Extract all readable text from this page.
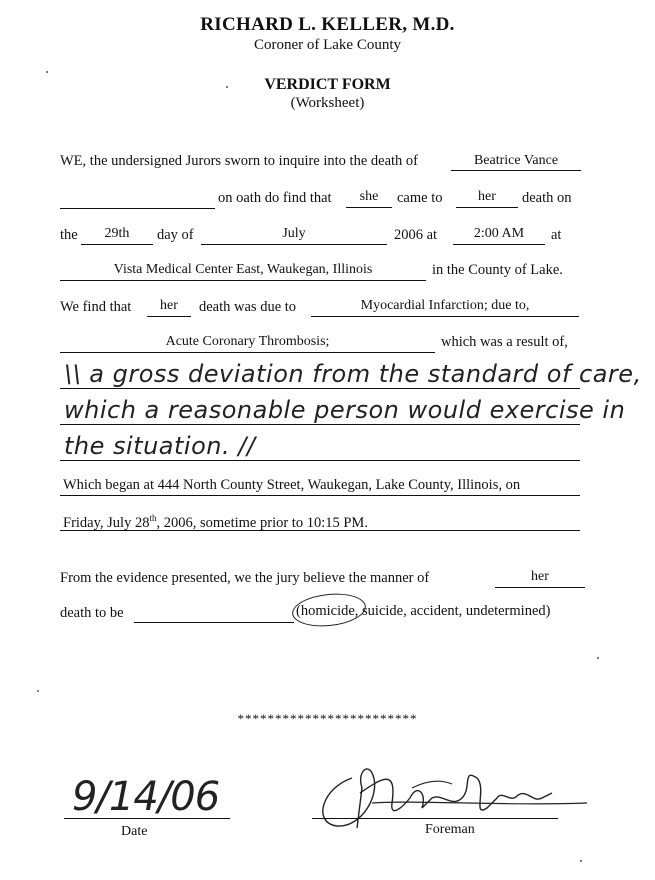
RICHARD L. KELLER, M.D.
Coroner of Lake County
VERDICT FORM
(Worksheet)
WE, the undersigned Jurors sworn to inquire into the death of	Beatrice Vance
on oath do find that	she	came to	her	death on
the	29th	day of	July	2006 at	2:00 AM	at
Vista Medical Center East, Waukegan, Illinois	in the County of Lake.
We find that	her	death was due to	Myocardial Infarction; due to,
Acute Coronary Thrombosis;	which was a result of,
\\ a gross deviation from the standard of care,
which a reasonable person would exercise in
the situation. //
Which began at 444 North County Street, Waukegan, Lake County, Illinois, on
Friday, July 28th, 2006, sometime prior to 10:15 PM.
From the evidence presented, we the jury believe the manner of	her
death to be	(homicide, suicide, accident, undetermined)
************************
9/14/06
Date	Foreman
